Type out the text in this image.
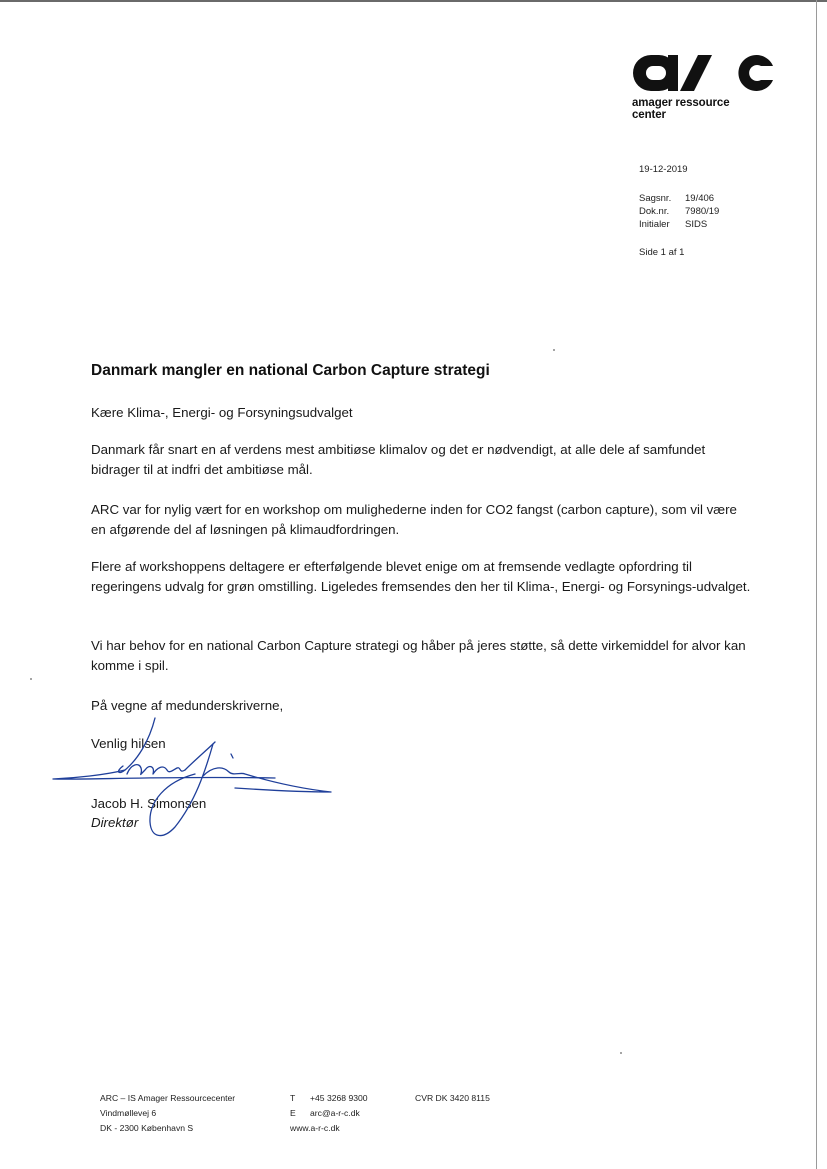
amager ressource
center
19-12-2019
Sagsnr.	19/406
Dok.nr.	7980/19
Initialer	SIDS
Side 1 af 1
Danmark mangler en national Carbon Capture strategi
Kære Klima-, Energi- og Forsyningsudvalget
Danmark får snart en af verdens mest ambitiøse klimalov og det er nødvendigt, at alle dele af samfundet bidrager til at indfri det ambitiøse mål.
ARC var for nylig vært for en workshop om mulighederne inden for CO2 fangst (carbon capture), som vil være en afgørende del af løsningen på klimaudfordringen.
Flere af workshoppens deltagere er efterfølgende blevet enige om at fremsende vedlagte opfordring til regeringens udvalg for grøn omstilling. Ligeledes fremsendes den her til Klima-, Energi- og Forsynings-udvalget.
Vi har behov for en national Carbon Capture strategi og håber på jeres støtte, så dette virkemiddel for alvor kan komme i spil.
På vegne af medunderskriverne,
Venlig hilsen
Jacob H. Simonsen
Direktør
ARC – IS Amager Ressourcecenter
Vindmøllevej 6
DK - 2300 København S
T	+45 3268 9300
E	arc@a-r-c.dk
www.a-r-c.dk
CVR DK 3420 8115
